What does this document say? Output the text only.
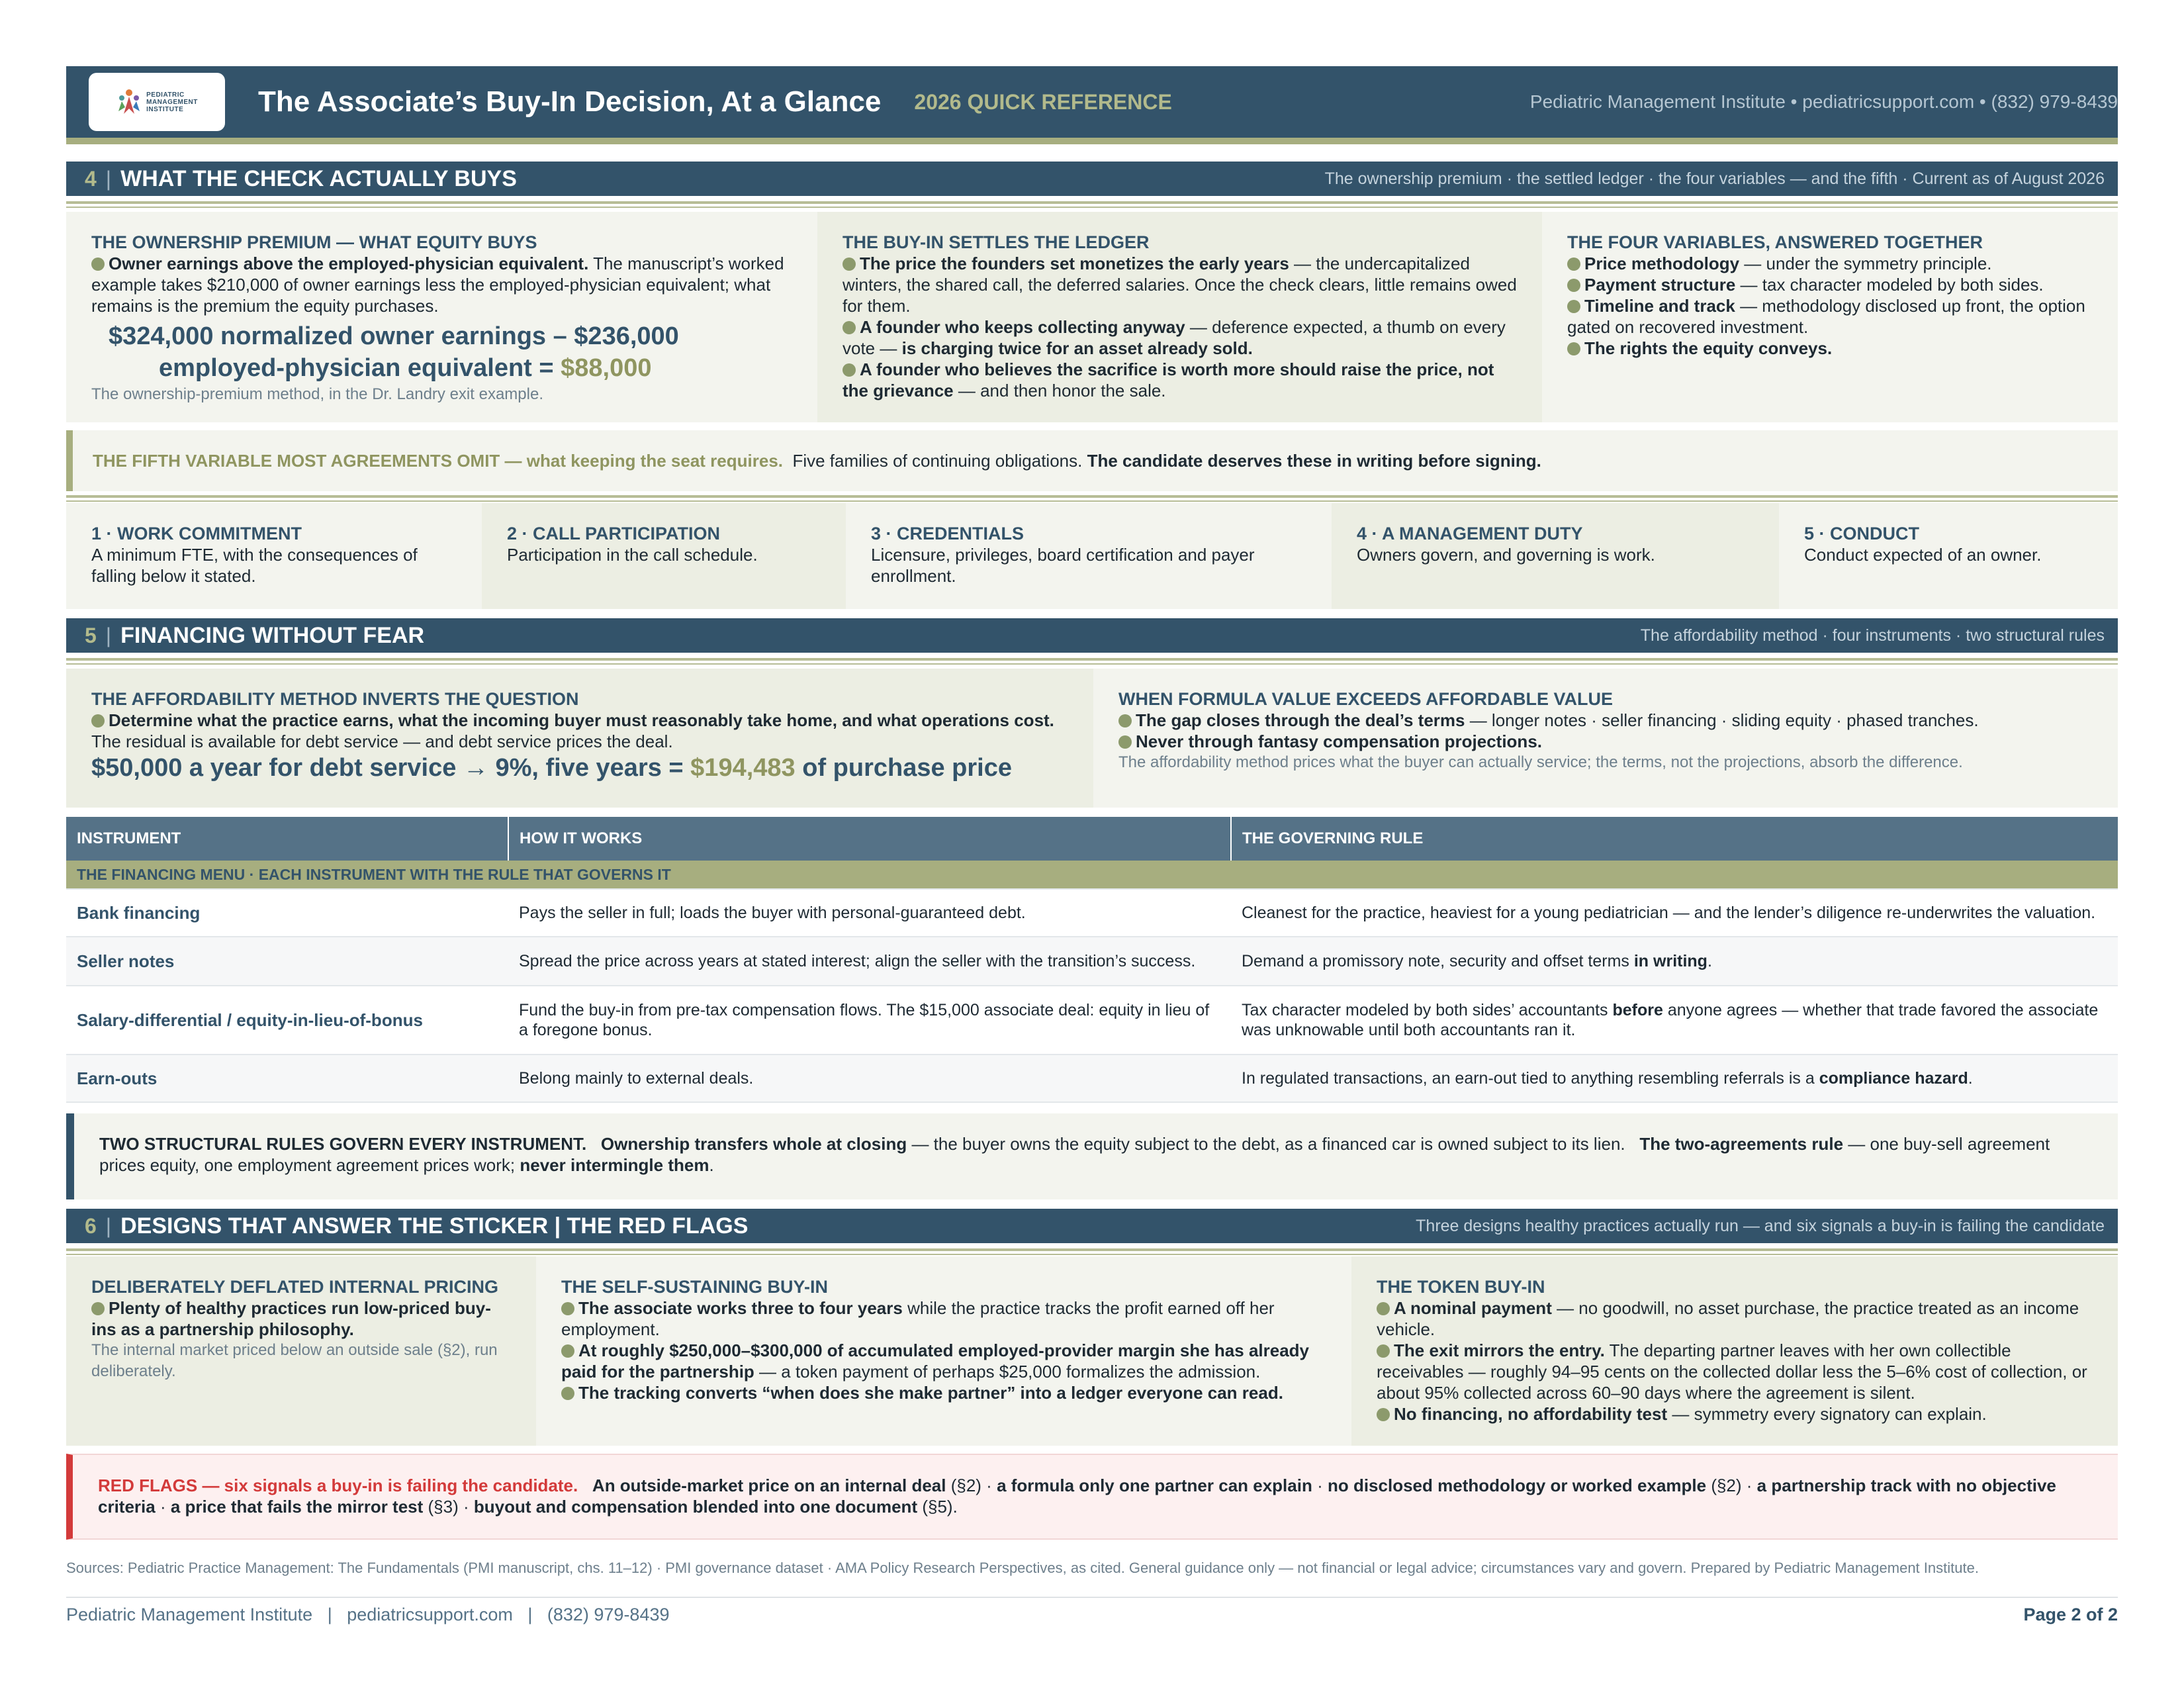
PEDIATRIC
MANAGEMENT
INSTITUTE	The Associate’s Buy-In Decision, At a Glance 2026 QUICK REFERENCE	Pediatric Management Institute • pediatricsupport.com • (832) 979-8439
4 | WHAT THE CHECK ACTUALLY BUYS	The ownership premium · the settled ledger · the four variables — and the fifth · Current as of August 2026
THE OWNERSHIP PREMIUM — WHAT EQUITY BUYS
Owner earnings above the employed-physician equivalent. The manuscript’s worked example takes $210,000 of owner earnings less the employed-physician equivalent; what remains is the premium the equity purchases.
$324,000 normalized owner earnings – $236,000
employed-physician equivalent = $88,000
The ownership-premium method, in the Dr. Landry exit example.
THE BUY-IN SETTLES THE LEDGER
The price the founders set monetizes the early years — the undercapitalized winters, the shared call, the deferred salaries. Once the check clears, little remains owed for them.
A founder who keeps collecting anyway — deference expected, a thumb on every vote — is charging twice for an asset already sold.
A founder who believes the sacrifice is worth more should raise the price, not the grievance — and then honor the sale.
THE FOUR VARIABLES, ANSWERED TOGETHER
Price methodology — under the symmetry principle.
Payment structure — tax character modeled by both sides.
Timeline and track — methodology disclosed up front, the option gated on recovered investment.
The rights the equity conveys.
THE FIFTH VARIABLE MOST AGREEMENTS OMIT — what keeping the seat requires. Five families of continuing obligations. The candidate deserves these in writing before signing.
1 · WORK COMMITMENT
A minimum FTE, with the consequences of falling below it stated.
2 · CALL PARTICIPATION
Participation in the call schedule.
3 · CREDENTIALS
Licensure, privileges, board certification and payer enrollment.
4 · A MANAGEMENT DUTY
Owners govern, and governing is work.
5 · CONDUCT
Conduct expected of an owner.
5 | FINANCING WITHOUT FEAR	The affordability method · four instruments · two structural rules
THE AFFORDABILITY METHOD INVERTS THE QUESTION
Determine what the practice earns, what the incoming buyer must reasonably take home, and what operations cost. The residual is available for debt service — and debt service prices the deal.
$50,000 a year for debt service → 9%, five years = $194,483 of purchase price
WHEN FORMULA VALUE EXCEEDS AFFORDABLE VALUE
The gap closes through the deal’s terms — longer notes · seller financing · sliding equity · phased tranches.
Never through fantasy compensation projections.
The affordability method prices what the buyer can actually service; the terms, not the projections, absorb the difference.
INSTRUMENT	HOW IT WORKS	THE GOVERNING RULE
THE FINANCING MENU · EACH INSTRUMENT WITH THE RULE THAT GOVERNS IT		
Bank financing	Pays the seller in full; loads the buyer with personal-guaranteed debt.	Cleanest for the practice, heaviest for a young pediatrician — and the lender’s diligence re-underwrites the valuation.
Seller notes	Spread the price across years at stated interest; align the seller with the transition’s success.	Demand a promissory note, security and offset terms in writing.
Salary-differential / equity-in-lieu-of-bonus	Fund the buy-in from pre-tax compensation flows. The $15,000 associate deal: equity in lieu of a foregone bonus.	Tax character modeled by both sides’ accountants before anyone agrees — whether that trade favored the associate was unknowable until both accountants ran it.
Earn-outs	Belong mainly to external deals.	In regulated transactions, an earn-out tied to anything resembling referrals is a compliance hazard.
TWO STRUCTURAL RULES GOVERN EVERY INSTRUMENT. Ownership transfers whole at closing — the buyer owns the equity subject to the debt, as a financed car is owned subject to its lien. The two-agreements rule — one buy-sell agreement prices equity, one employment agreement prices work; never intermingle them.
6 | DESIGNS THAT ANSWER THE STICKER | THE RED FLAGS	Three designs healthy practices actually run — and six signals a buy-in is failing the candidate
DELIBERATELY DEFLATED INTERNAL PRICING
Plenty of healthy practices run low-priced buy-ins as a partnership philosophy.
The internal market priced below an outside sale (§2), run deliberately.
THE SELF-SUSTAINING BUY-IN
The associate works three to four years while the practice tracks the profit earned off her employment.
At roughly $250,000–$300,000 of accumulated employed-provider margin she has already paid for the partnership — a token payment of perhaps $25,000 formalizes the admission.
The tracking converts “when does she make partner” into a ledger everyone can read.
THE TOKEN BUY-IN
A nominal payment — no goodwill, no asset purchase, the practice treated as an income vehicle.
The exit mirrors the entry. The departing partner leaves with her own collectible receivables — roughly 94–95 cents on the collected dollar less the 5–6% cost of collection, or about 95% collected across 60–90 days where the agreement is silent.
No financing, no affordability test — symmetry every signatory can explain.
RED FLAGS — six signals a buy-in is failing the candidate. An outside-market price on an internal deal (§2) · a formula only one partner can explain · no disclosed methodology or worked example (§2) · a partnership track with no objective criteria · a price that fails the mirror test (§3) · buyout and compensation blended into one document (§5).
Sources: Pediatric Practice Management: The Fundamentals (PMI manuscript, chs. 11–12) · PMI governance dataset · AMA Policy Research Perspectives, as cited. General guidance only — not financial or legal advice; circumstances vary and govern. Prepared by Pediatric Management Institute.
Pediatric Management Institute   |   pediatricsupport.com   |   (832) 979-8439	Page 2 of 2
